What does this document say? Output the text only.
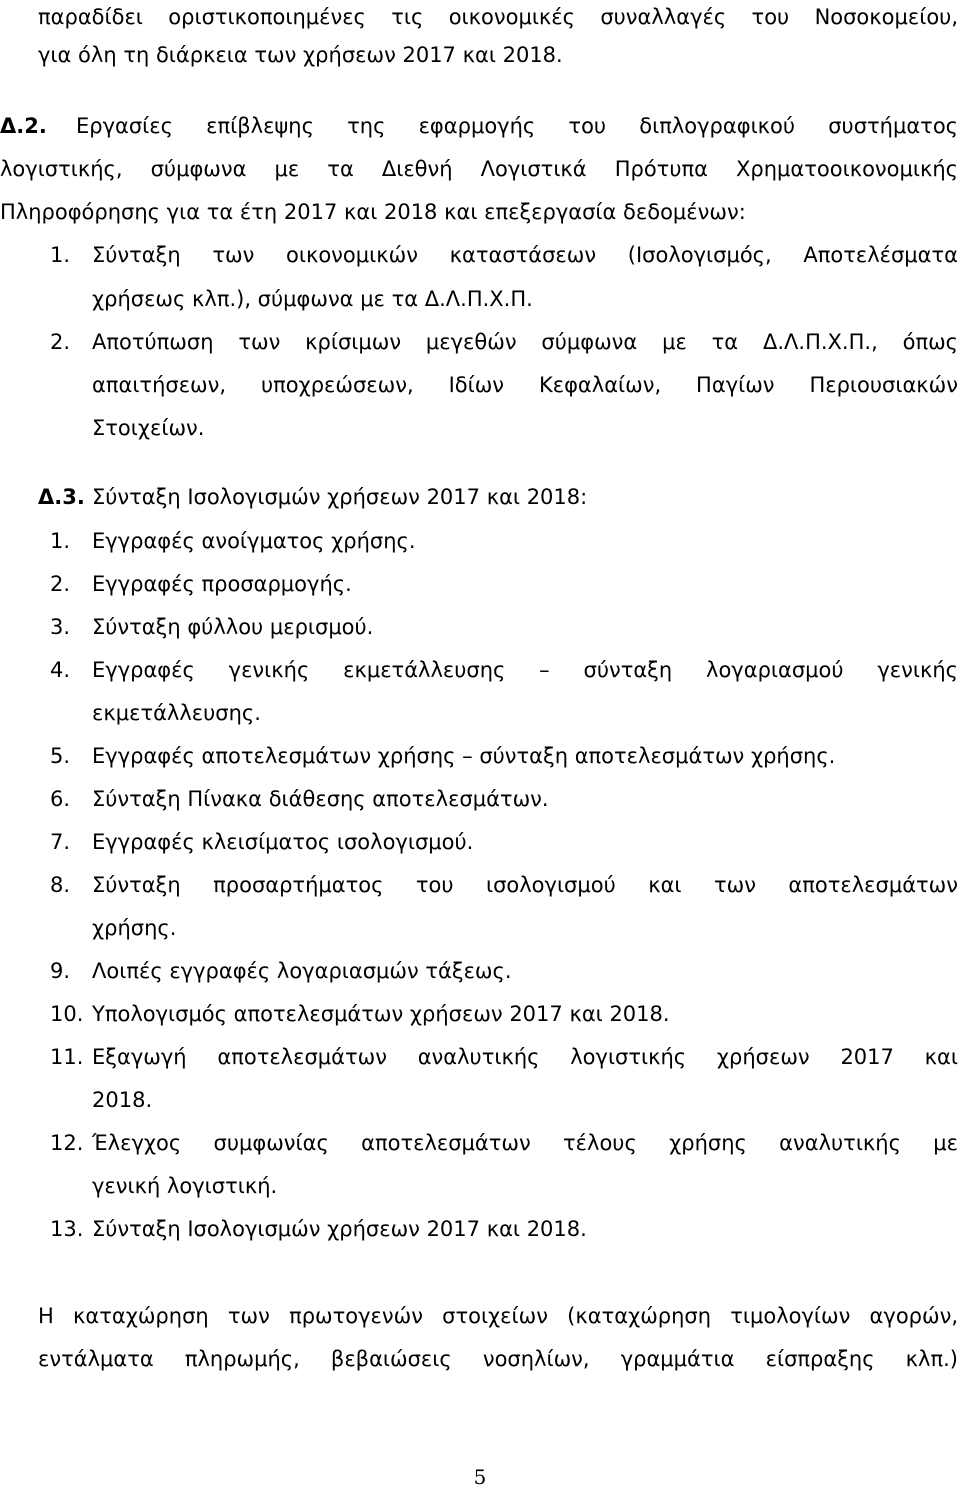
παραδίδει οριστικοποιημένες τις οικονομικές συναλλαγές του Νοσοκομείου,
για όλη τη διάρκεια των χρήσεων 2017 και 2018.
Δ.2. Εργασίες επίβλεψης της εφαρμογής του διπλογραφικού συστήματος
λογιστικής, σύμφωνα με τα Διεθνή Λογιστικά Πρότυπα Χρηματοοικονομικής
Πληροφόρησης για τα έτη 2017 και 2018 και επεξεργασία δεδομένων:
1. Σύνταξη των οικονομικών καταστάσεων (Ισολογισμός, Αποτελέσματα
χρήσεως κλπ.), σύμφωνα με τα Δ.Λ.Π.Χ.Π.
2. Αποτύπωση των κρίσιμων μεγεθών σύμφωνα με τα Δ.Λ.Π.Χ.Π., όπως
απαιτήσεων, υποχρεώσεων, Ιδίων Κεφαλαίων, Παγίων Περιουσιακών
Στοιχείων.
Δ.3. Σύνταξη Ισολογισμών χρήσεων 2017 και 2018:
1. Εγγραφές ανοίγματος χρήσης.
2. Εγγραφές προσαρμογής.
3. Σύνταξη φύλλου μερισμού.
4. Εγγραφές γενικής εκμετάλλευσης – σύνταξη λογαριασμού γενικής
εκμετάλλευσης.
5. Εγγραφές αποτελεσμάτων χρήσης – σύνταξη αποτελεσμάτων χρήσης.
6. Σύνταξη Πίνακα διάθεσης αποτελεσμάτων.
7. Εγγραφές κλεισίματος ισολογισμού.
8. Σύνταξη προσαρτήματος του ισολογισμού και των αποτελεσμάτων
χρήσης.
9. Λοιπές εγγραφές λογαριασμών τάξεως.
10. Υπολογισμός αποτελεσμάτων χρήσεων 2017 και 2018.
11. Εξαγωγή αποτελεσμάτων αναλυτικής λογιστικής χρήσεων 2017 και
2018.
12. Έλεγχος συμφωνίας αποτελεσμάτων τέλους χρήσης αναλυτικής με
γενική λογιστική.
13. Σύνταξη Ισολογισμών χρήσεων 2017 και 2018.
Η καταχώρηση των πρωτογενών στοιχείων (καταχώρηση τιμολογίων αγορών,
εντάλματα πληρωμής, βεβαιώσεις νοσηλίων, γραμμάτια είσπραξης κλπ.)
5
